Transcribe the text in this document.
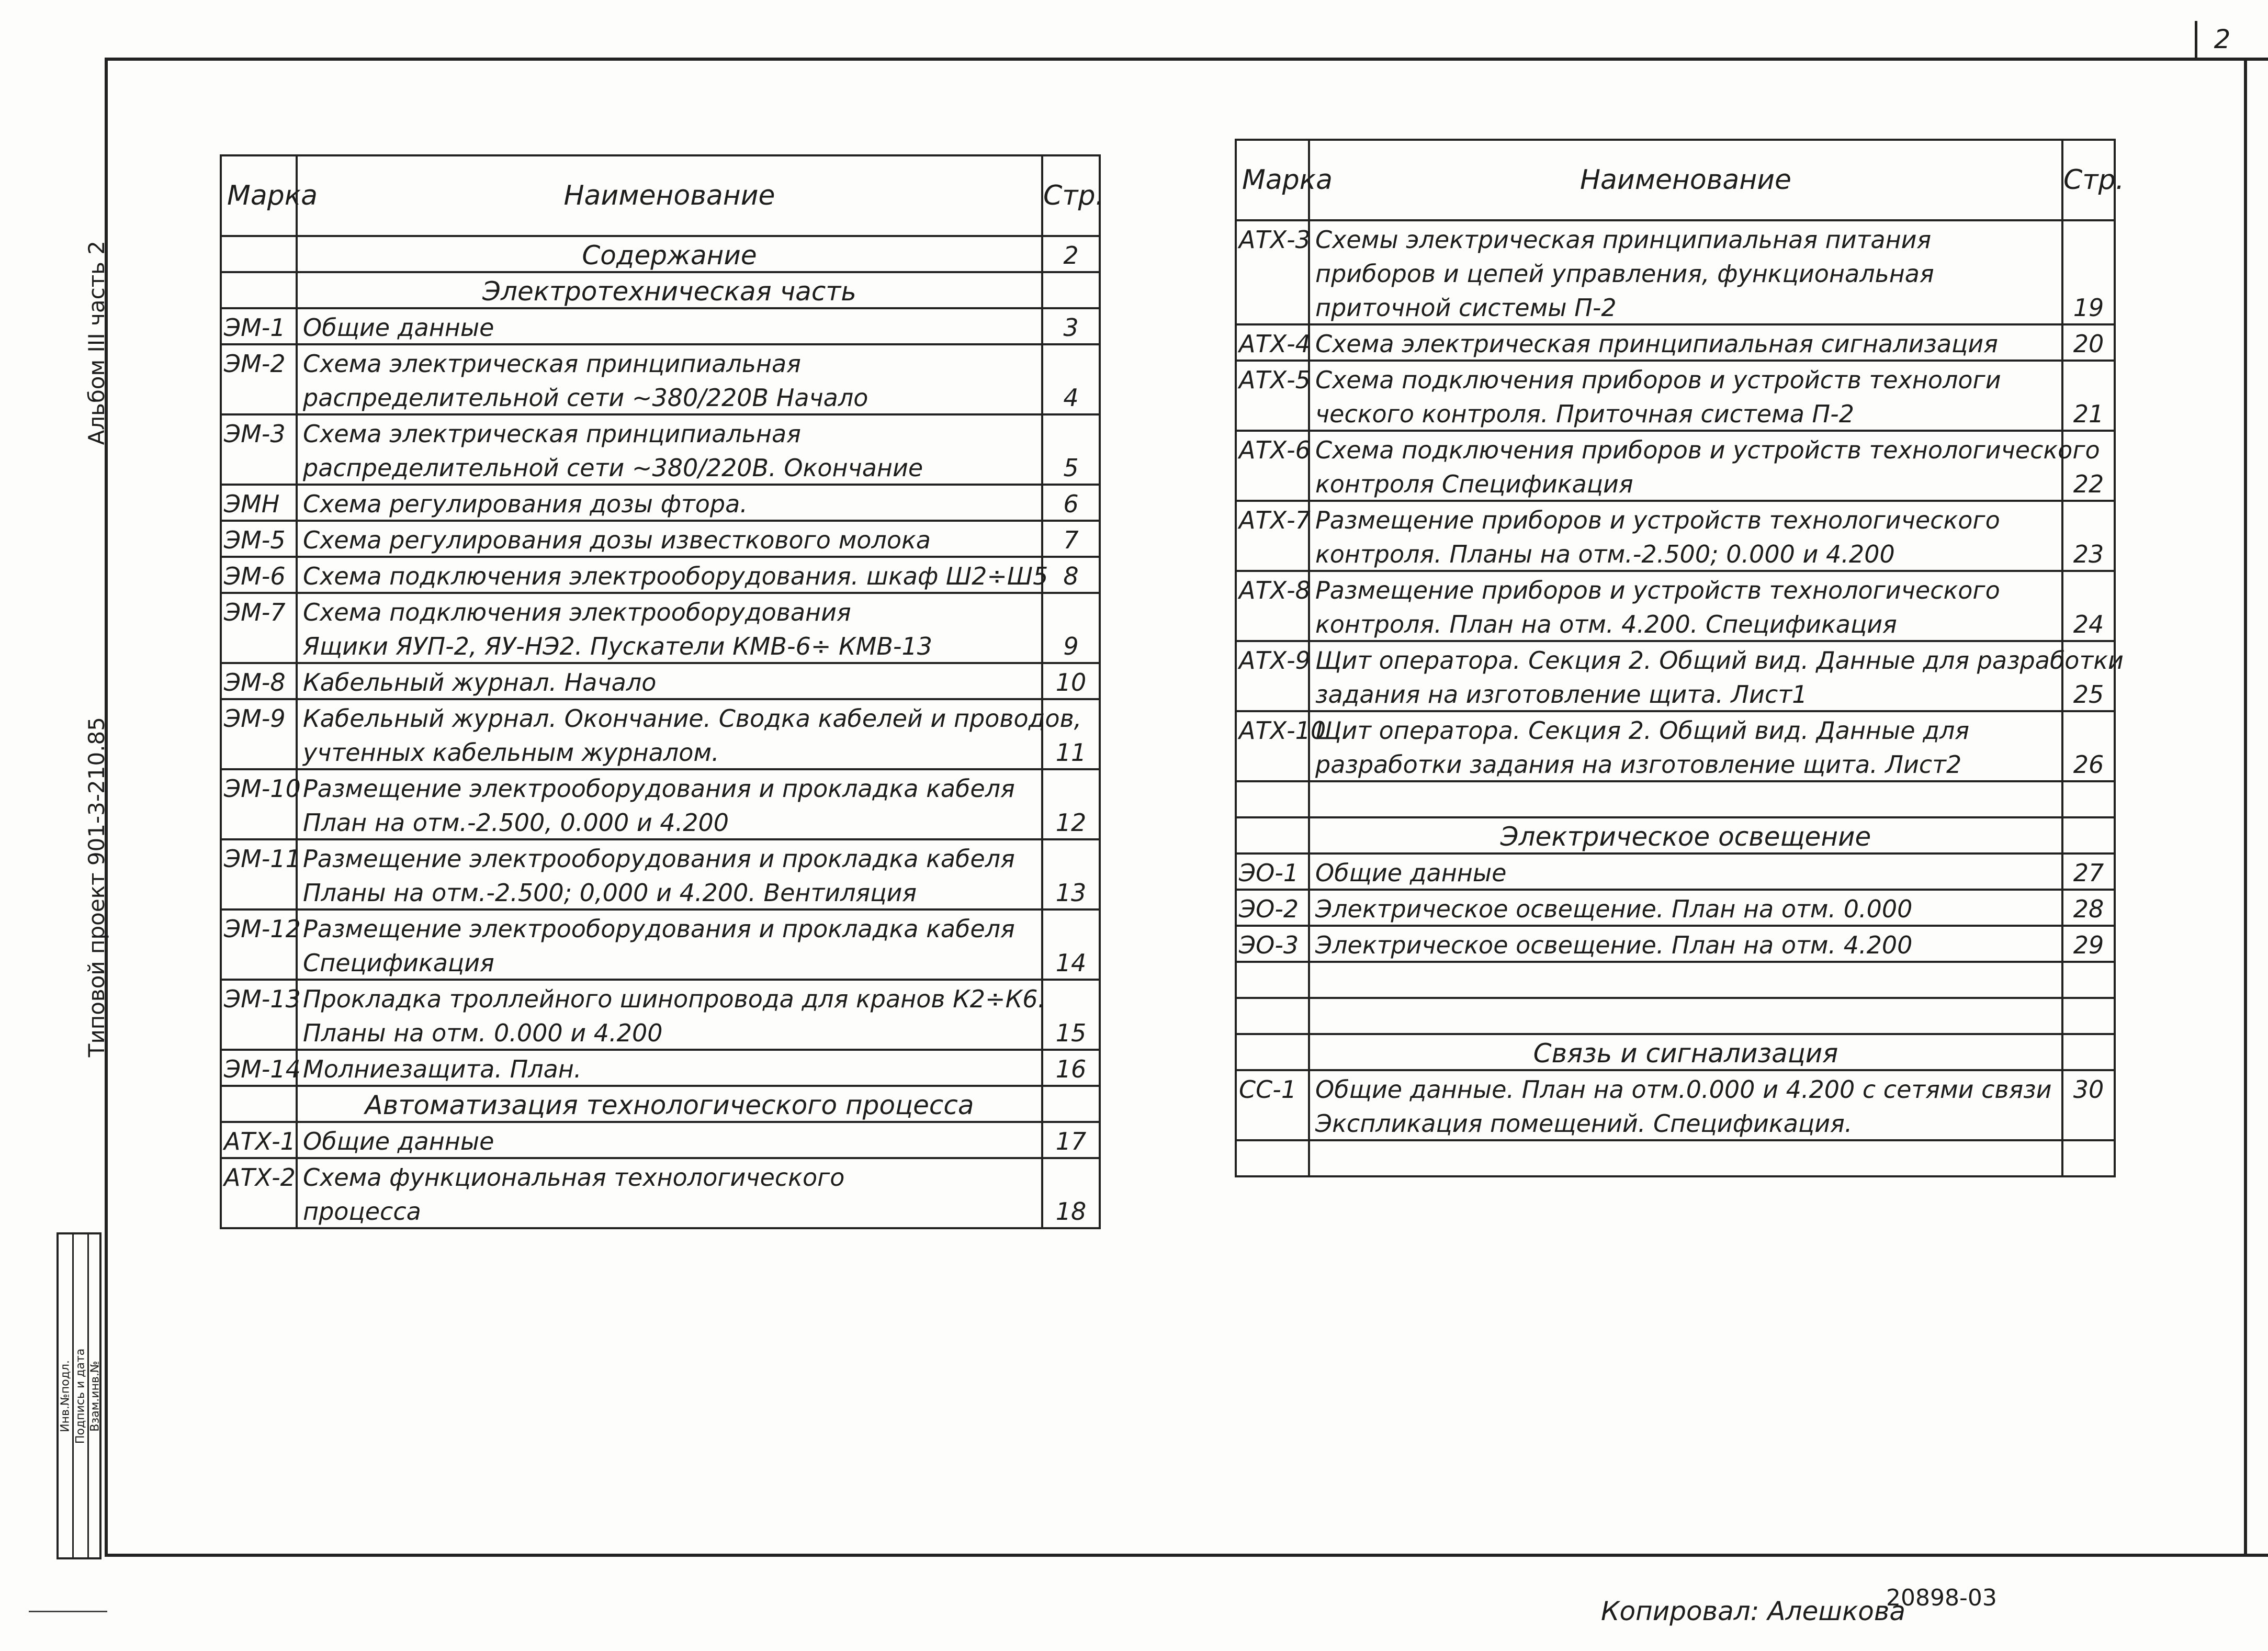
2
Альбом III часть 2
Типовой проект 901-3-210.85
Инв.№подл. Подпись и дата Взам.инв.№
Копировал: Алешкова
20898-03
Марка	Наименование	Стр.
	Содержание	2
	Электротехническая часть	
ЭМ-1	Общие данные	3
ЭМ-2	Схема электрическая принципиальная	
	распределительной сети ~380/220В Начало	4
ЭМ-3	Схема электрическая принципиальная	
	распределительной сети ~380/220В. Окончание	5
ЭМН	Схема регулирования дозы фтора.	6
ЭМ-5	Схема регулирования дозы известкового молока	7
ЭМ-6	Схема подключения электрооборудования. шкаф Ш2÷Ш5	8
ЭМ-7	Схема подключения электрооборудования	
	Ящики ЯУП-2, ЯУ-НЭ2. Пускатели КМВ-6÷ КМВ-13	9
ЭМ-8	Кабельный журнал. Начало	10
ЭМ-9	Кабельный журнал. Окончание. Сводка кабелей и проводов,	
	учтенных кабельным журналом.	11
ЭМ-10	Размещение электрооборудования и прокладка кабеля	
	План на отм.-2.500, 0.000 и 4.200	12
ЭМ-11	Размещение электрооборудования и прокладка кабеля	
	Планы на отм.-2.500; 0,000 и 4.200. Вентиляция	13
ЭМ-12	Размещение электрооборудования и прокладка кабеля	
	Спецификация	14
ЭМ-13	Прокладка троллейного шинопровода для кранов К2÷К6.	
	Планы на отм. 0.000 и 4.200	15
ЭМ-14	Молниезащита. План.	16
	Автоматизация технологического процесса	
АТХ-1	Общие данные	17
АТХ-2	Схема функциональная технологического	
	процесса	18
Марка	Наименование	Стр.
АТХ-3	Схемы электрическая принципиальная питания	
	приборов и цепей управления, функциональная	
	приточной системы П-2	19
АТХ-4	Схема электрическая принципиальная сигнализация	20
АТХ-5	Схема подключения приборов и устройств технологи	
	ческого контроля. Приточная система П-2	21
АТХ-6	Схема подключения приборов и устройств технологического	
	контроля Спецификация	22
АТХ-7	Размещение приборов и устройств технологического	
	контроля. Планы на отм.-2.500; 0.000 и 4.200	23
АТХ-8	Размещение приборов и устройств технологического	
	контроля. План на отм. 4.200. Спецификация	24
АТХ-9	Щит оператора. Секция 2. Общий вид. Данные для разработки	
	задания на изготовление щита. Лист1	25
АТХ-10	Щит оператора. Секция 2. Общий вид. Данные для	
	разработки задания на изготовление щита. Лист2	26

	Электрическое освещение	
ЭО-1	Общие данные	27
ЭО-2	Электрическое освещение. План на отм. 0.000	28
ЭО-3	Электрическое освещение. План на отм. 4.200	29

	Связь и сигнализация	
СС-1	Общие данные. План на отм.0.000 и 4.200 с сетями связи	30
	Экспликация помещений. Спецификация.	
